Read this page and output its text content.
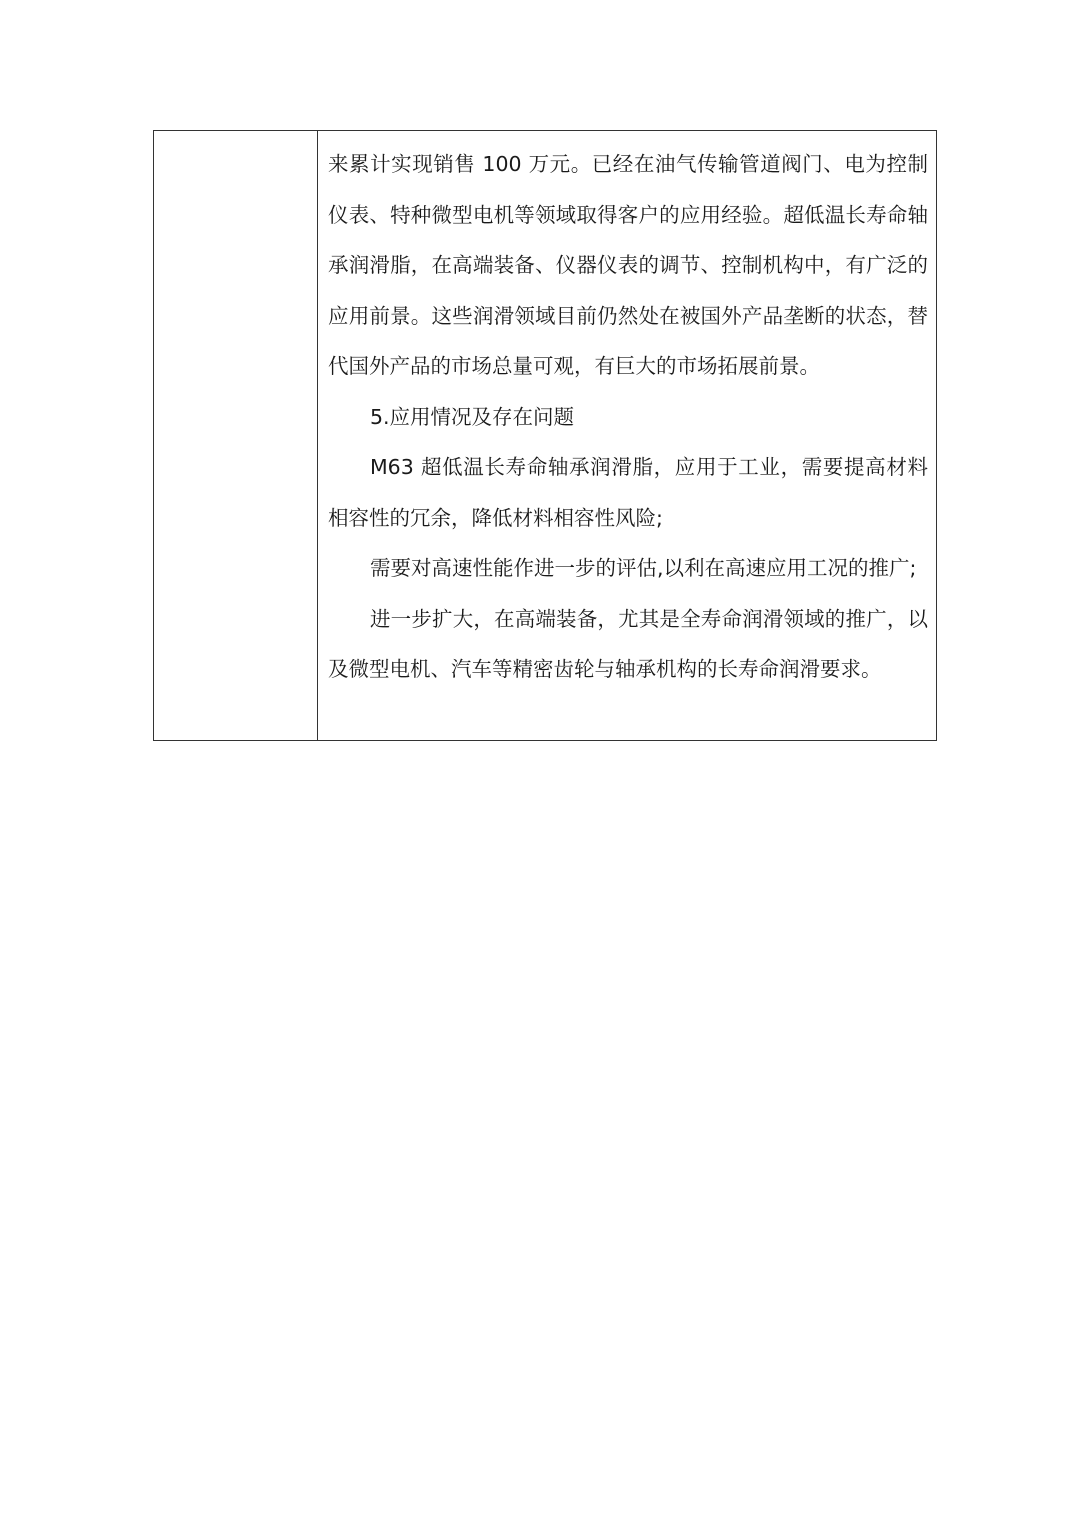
来累计实现销售 100 万元。已经在油气传输管道阀门、电为控制仪表、特种微型电机等领域取得客户的应用经验。超低温长寿命轴承润滑脂，在高端装备、仪器仪表的调节、控制机构中，有广泛的应用前景。这些润滑领域目前仍然处在被国外产品垄断的状态，替代国外产品的市场总量可观，有巨大的市场拓展前景。

5.应用情况及存在问题

M63 超低温长寿命轴承润滑脂，应用于工业，需要提高材料相容性的冗余，降低材料相容性风险;

需要对高速性能作进一步的评估,以利在高速应用工况的推广;

进一步扩大，在高端装备，尤其是全寿命润滑领域的推广，以及微型电机、汽车等精密齿轮与轴承机构的长寿命润滑要求。
